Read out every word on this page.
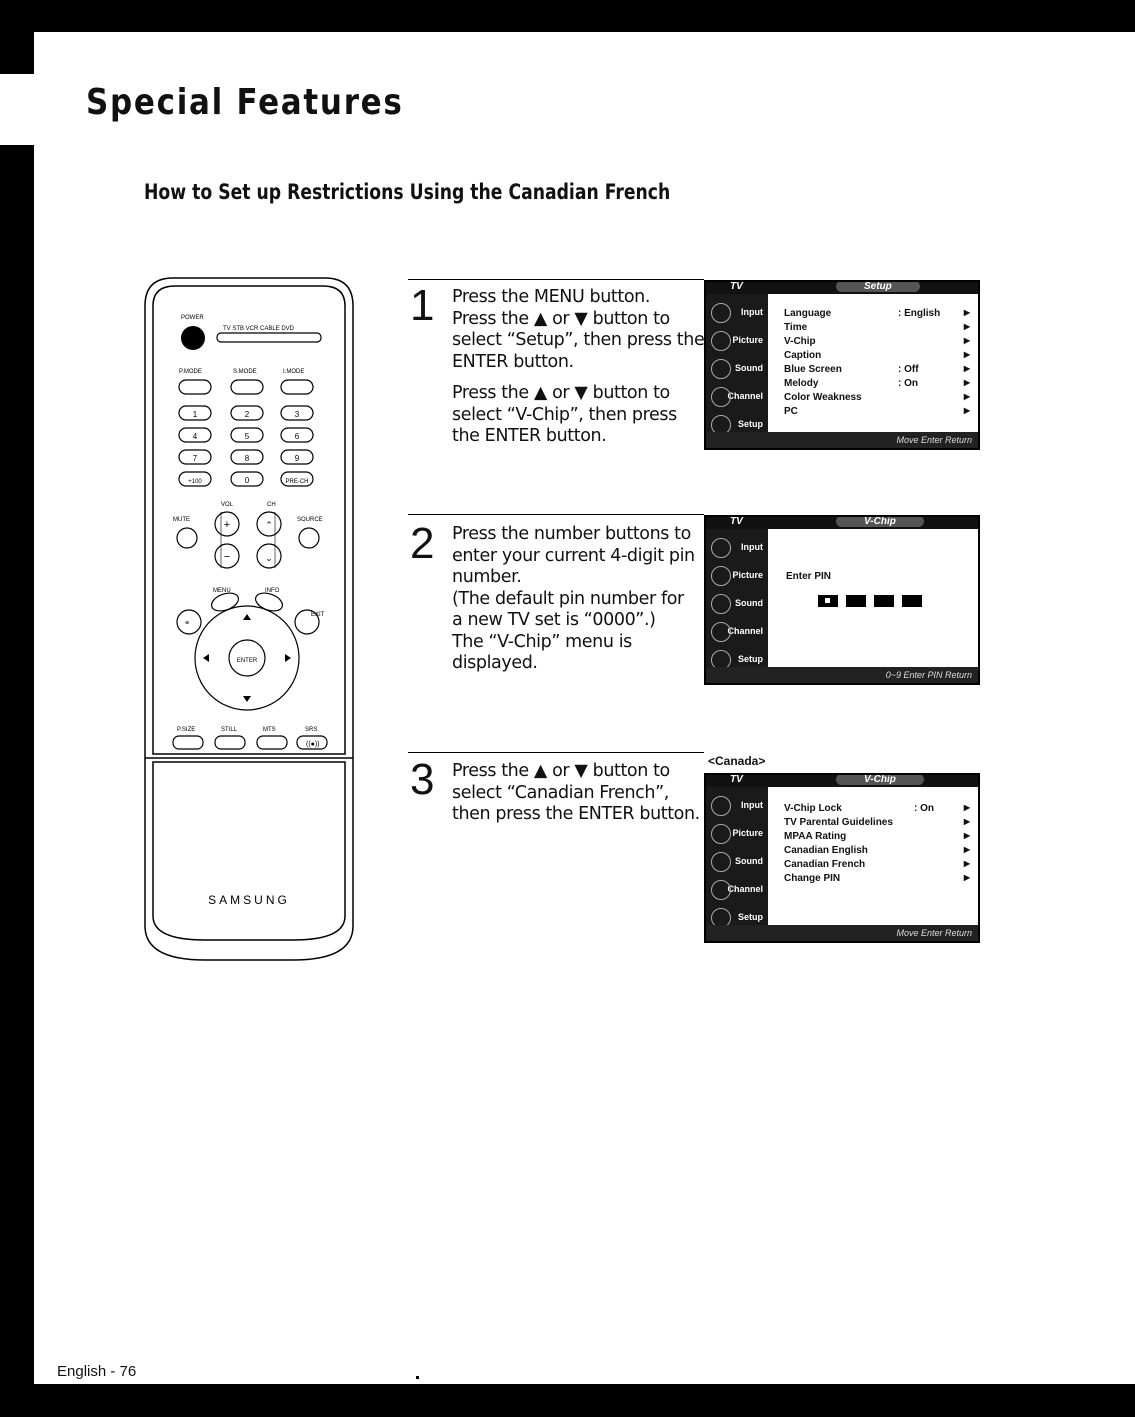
Special Features
How to Set up Restrictions Using the Canadian French
POWER
TV STB VCR CABLE DVD
P.MODE	S.MODE	I.MODE
1	2	3
4	5	6
7	8	9
+100	0	PRE-CH
VOL	CH
MUTE	SOURCE
+
−
⌃
⌄
MENU	INFO
≡
EXIT
ENTER
((●))
P.SIZE	STILL	MTS	SRS
SAMSUNG
1 Press the MENU button.
Press the ▲ or ▼ button to
select “Setup”, then press the
ENTER button.

Press the ▲ or ▼ button to
select “V-Chip”, then press
the ENTER button.

TV	Setup
Input
Picture
Sound
Channel
Setup
Language	: English	▶
Time	▶
V-Chip	▶
Caption	▶
Blue Screen	: Off	▶
Melody	: On	▶
Color Weakness	▶
PC	▶
Move Enter Return
2 Press the number buttons to
enter your current 4-digit pin
number.
(The default pin number for
a new TV set is “0000”.)
The “V-Chip” menu is
displayed.

TV	V-Chip
Input
Picture
Sound
Channel
Setup
Enter PIN
0~9 Enter PIN Return
3 Press the ▲ or ▼ button to
select “Canadian French”,
then press the ENTER button.

<Canada>
TV	V-Chip
Input
Picture
Sound
Channel
Setup
V-Chip Lock	: On	▶
TV Parental Guidelines	▶
MPAA Rating	▶
Canadian English	▶
Canadian French	▶
Change PIN	▶
Move Enter Return
English - 76
